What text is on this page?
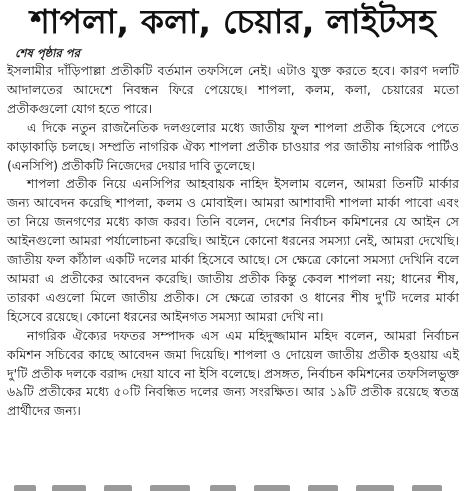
শাপলা, কলা, চেয়ার, লাইটসহ
শেষ পৃষ্ঠার পর

ইসলামীর দাঁড়িপাল্লা প্রতীকটি বর্তমান তফসিলে নেই। এটাও যুক্ত করতে হবে। কারণ দলটি আদালতের আদেশে নিবন্ধন ফিরে পেয়েছে। শাপলা, কলম, কলা, চেয়ারের মতো প্রতীকগুলো যোগ হতে পারে।

এ দিকে নতুন রাজনৈতিক দলগুলোর মধ্যে জাতীয় ফুল শাপলা প্রতীক হিসেবে পেতে কাড়াকাড়ি চলছে। সম্প্রতি নাগরিক ঐক্য শাপলা প্রতীক চাওয়ার পর জাতীয় নাগরিক পার্টিও (এনসিপি) প্রতীকটি নিজেদের দেয়ার দাবি তুলেছে।

শাপলা প্রতীক নিয়ে এনসিপির আহবায়ক নাহিদ ইসলাম বলেন, আমরা তিনটি মার্কার জন্য আবেদন করেছি শাপলা, কলম ও মোবাইল। আমরা আশাবাদী শাপলা মার্কা পাবো এবং তা নিয়ে জনগণের মধ্যে কাজ করব। তিনি বলেন, দেশের নির্বাচন কমিশনের যে আইন সে আইনগুলো আমরা পর্যালোচনা করেছি। আইনে কোনো ধরনের সমস্যা নেই, আমরা দেখেছি। জাতীয় ফল কাঁঠাল একটি দলের মার্কা হিসেবে আছে। সে ক্ষেত্রে কোনো সমস্যা দেখিনি বলে আমরা এ প্রতীকের আবেদন করেছি। জাতীয় প্রতীক কিন্তু কেবল শাপলা নয়; ধানের শীষ, তারকা এগুলো মিলে জাতীয় প্রতীক। সে ক্ষেত্রে তারকা ও ধানের শীষ দু'টি দলের মার্কা হিসেবে রয়েছে। কোনো ধরনের আইনগত সমস্যা আমরা দেখি না।

নাগরিক ঐক্যের দফতর সম্পাদক এস এম মহিদুজ্জামান মহিদ বলেন, আমরা নির্বাচন কমিশন সচিবের কাছে আবেদন জমা দিয়েছি। শাপলা ও দোয়েল জাতীয় প্রতীক হওয়ায় এই দু'টি প্রতীক দলকে বরাদ্দ দেয়া যাবে না ইসি বলেছে। প্রসঙ্গত, নির্বাচন কমিশনের তফসিলভুক্ত ৬৯টি প্রতীকের মধ্যে ৫০টি নিবন্ধিত দলের জন্য সংরক্ষিত। আর ১৯টি প্রতীক রয়েছে স্বতন্ত্র প্রার্থীদের জন্য।
